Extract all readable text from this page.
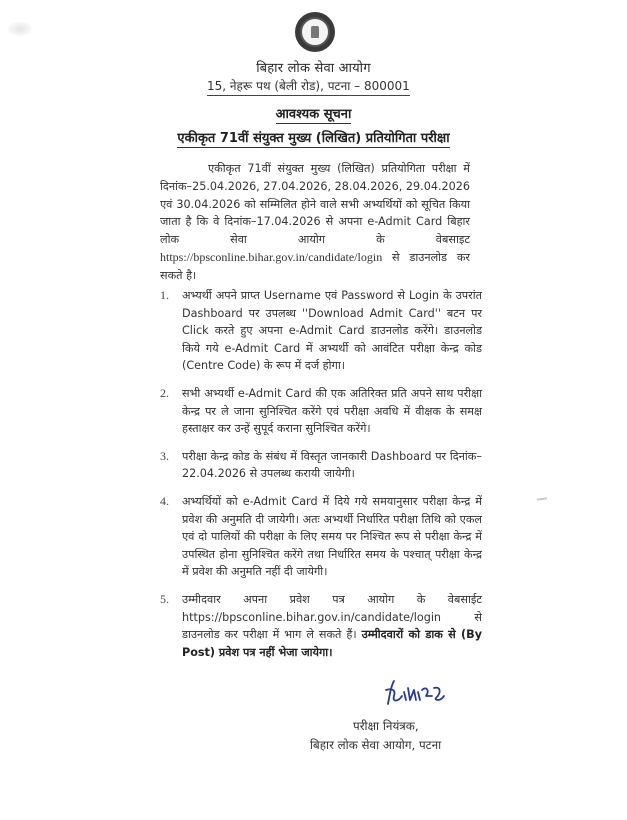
बिहार लोक सेवा आयोग
15, नेहरू पथ (बेली रोड), पटना – 800001
आवश्यक सूचना
एकीकृत 71वीं संयुक्त मुख्य (लिखित) प्रतियोगिता परीक्षा

एकीकृत 71वीं संयुक्त मुख्य (लिखित) प्रतियोगिता परीक्षा में दिनांक–25.04.2026, 27.04.2026, 28.04.2026, 29.04.2026 एवं 30.04.2026 को सम्मिलित होने वाले सभी अभ्यर्थियों को सूचित किया जाता है कि वे दिनांक–17.04.2026 से अपना e-Admit Card बिहार लोक सेवा आयोग के वेबसाइट https://bpsconline.bihar.gov.in/candidate/login से डाउनलोड कर सकते है।

1. अभ्यर्थी अपने प्राप्त Username एवं Password से Login के उपरांत Dashboard पर उपलब्ध ''Download Admit Card'' बटन पर Click करते हुए अपना e-Admit Card डाउनलोड करेंगे। डाउनलोड किये गये e-Admit Card में अभ्यर्थी को आवंटित परीक्षा केन्द्र कोड (Centre Code) के रूप में दर्ज होगा।
2. सभी अभ्यर्थी e-Admit Card की एक अतिरिक्त प्रति अपने साथ परीक्षा केन्द्र पर ले जाना सुनिश्चित करेंगे एवं परीक्षा अवधि में वीक्षक के समक्ष हस्ताक्षर कर उन्हें सुपूर्द कराना सुनिश्चित करेंगे।
3. परीक्षा केन्द्र कोड के संबंध में विस्तृत जानकारी Dashboard पर दिनांक–22.04.2026 से उपलब्ध करायी जायेगी।
4. अभ्यर्थियों को e-Admit Card में दिये गये समयानुसार परीक्षा केन्द्र में प्रवेश की अनुमति दी जायेगी। अतः अभ्यर्थी निर्धारित परीक्षा तिथि को एकल एवं दो पालियों की परीक्षा के लिए समय पर निश्चित रूप से परीक्षा केन्द्र में उपस्थित होना सुनिश्चित करेंगे तथा निर्धारित समय के पश्चात् परीक्षा केन्द्र में प्रवेश की अनुमति नहीं दी जायेगी।
5. उम्मीदवार अपना प्रवेश पत्र आयोग के वेबसाईट https://bpsconline.bihar.gov.in/candidate/login से डाउनलोड कर परीक्षा में भाग ले सकते हैं। उम्मीदवारों को डाक से (By Post) प्रवेश पत्र नहीं भेजा जायेगा।
परीक्षा नियंत्रक,
बिहार लोक सेवा आयोग, पटना
